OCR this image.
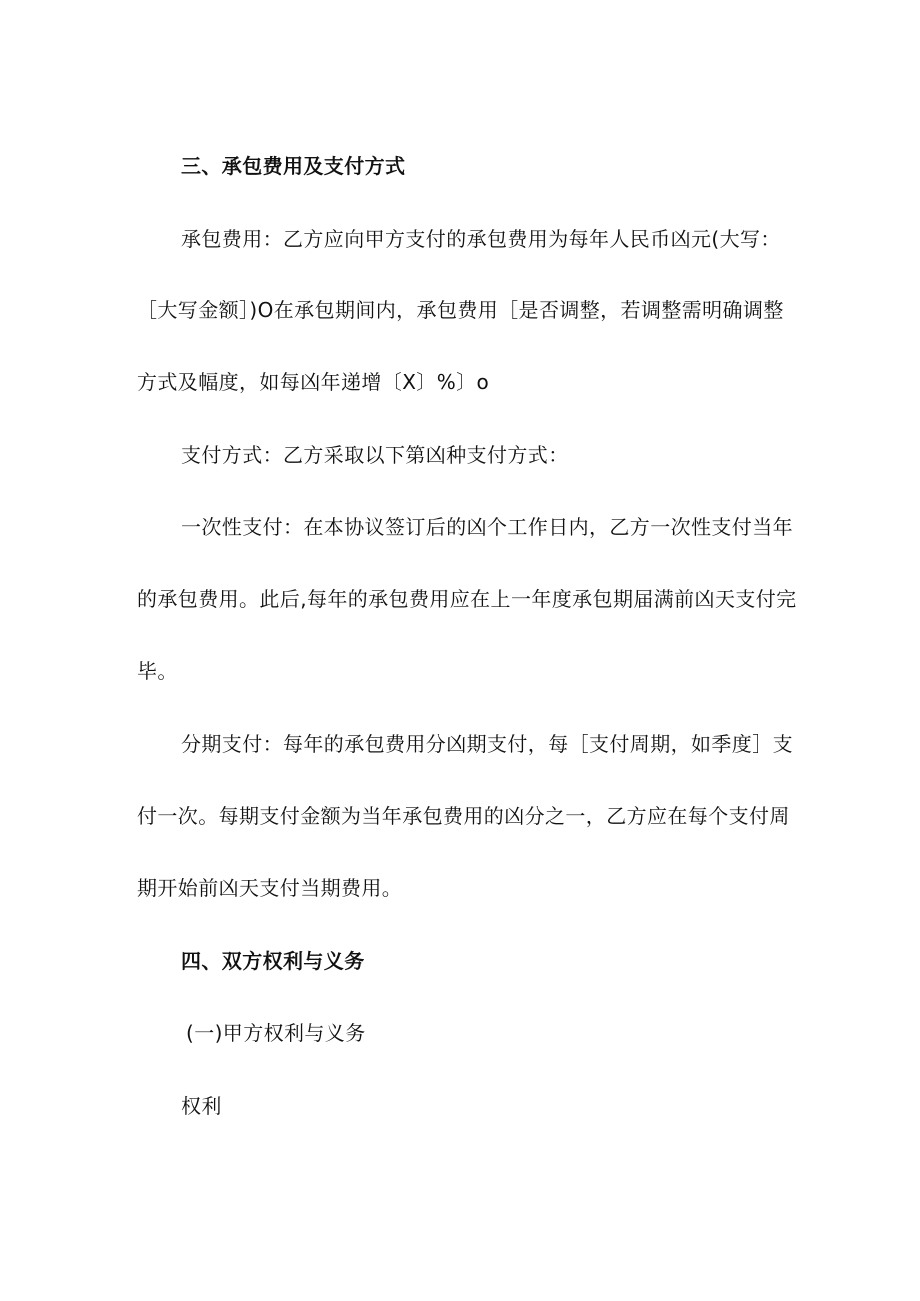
三、承包费用及支付方式
承包费用：乙方应向甲方支付的承包费用为每年人民币凶元(大写：
［大写金额］)O在承包期间内，承包费用［是否调整，若调整需明确调整
方式及幅度，如每凶年递增〔X〕%〕o
支付方式：乙方采取以下第凶种支付方式：
一次性支付：在本协议签订后的凶个工作日内，乙方一次性支付当年
的承包费用。此后,每年的承包费用应在上一年度承包期届满前凶天支付完
毕。
分期支付：每年的承包费用分凶期支付，每［支付周期，如季度］支
付一次。每期支付金额为当年承包费用的凶分之一，乙方应在每个支付周
期开始前凶天支付当期费用。
四、双方权利与义务
(一)甲方权利与义务
权利
